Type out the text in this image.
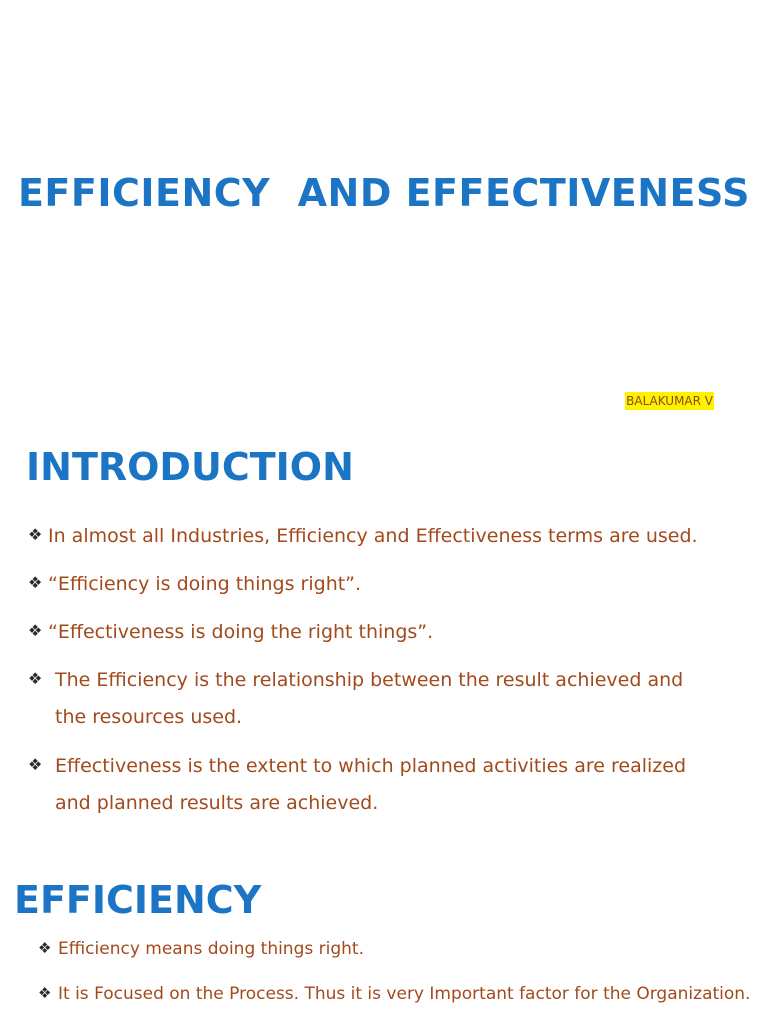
EFFICIENCY  AND EFFECTIVENESS
BALAKUMAR V
INTRODUCTION
❖ In almost all Industries, Efficiency and Effectiveness terms are used.
❖ “Efficiency is doing things right”.
❖ “Effectiveness is doing the right things”.
❖ The Efficiency is the relationship between the result achieved and the resources used.
❖ Effectiveness is the extent to which planned activities are realized and planned results are achieved.
EFFICIENCY
❖ Efficiency means doing things right.
❖ It is Focused on the Process. Thus it is very Important factor for the Organization.
